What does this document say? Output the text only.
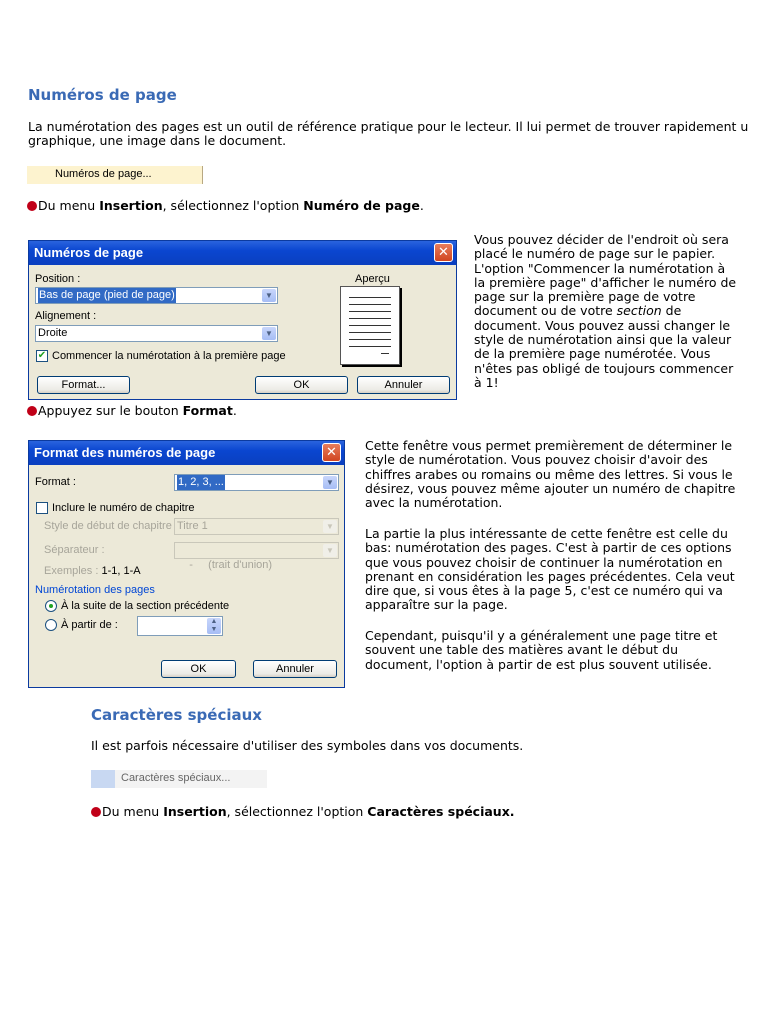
Numéros de page
La numérotation des pages est un outil de référence pratique pour le lecteur. Il lui permet de trouver rapidement u
graphique, une image dans le document.
Numéros de page...
Du menu Insertion, sélectionnez l'option Numéro de page.
Numéros de page	✕
Position :
Bas de page (pied de page)	▼
Alignement :
Droite	▼
Aperçu
✔ Commencer la numérotation à la première page
Format...	OK	Annuler
Vous pouvez décider de l'endroit où sera placé le numéro de page sur le papier. L'option "Commencer la numérotation à la première page" d'afficher le numéro de page sur la première page de votre document ou de votre section de document. Vous pouvez aussi changer le style de numérotation ainsi que la valeur de la première page numérotée. Vous n'êtes pas obligé de toujours commencer à 1!
Appuyez sur le bouton Format.
Format des numéros de page	✕
Format :	1, 2, 3, ...	▼
Inclure le numéro de chapitre
Style de début de chapitre Titre 1	▼
Séparateur :

-     (trait d'union)

▼

Exemples : 1-1, 1-A
Numérotation des pages
À la suite de la section précédente
À partir de :	▲
▼
OK	Annuler
Cette fenêtre vous permet premièrement de déterminer le style de numérotation. Vous pouvez choisir d'avoir des chiffres arabes ou romains ou même des lettres. Si vous le désirez, vous pouvez même ajouter un numéro de chapitre avec la numérotation.
La partie la plus intéressante de cette fenêtre est celle du bas: numérotation des pages. C'est à partir de ces options que vous pouvez choisir de continuer la numérotation en prenant en considération les pages précédentes. Cela veut dire que, si vous êtes à la page 5, c'est ce numéro qui va apparaître sur la page.
Cependant, puisqu'il y a généralement une page titre et souvent une table des matières avant le début du document, l'option à partir de est plus souvent utilisée.
Caractères spéciaux
Il est parfois nécessaire d'utiliser des symboles dans vos documents.
Caractères spéciaux...
Du menu Insertion, sélectionnez l'option Caractères spéciaux.
